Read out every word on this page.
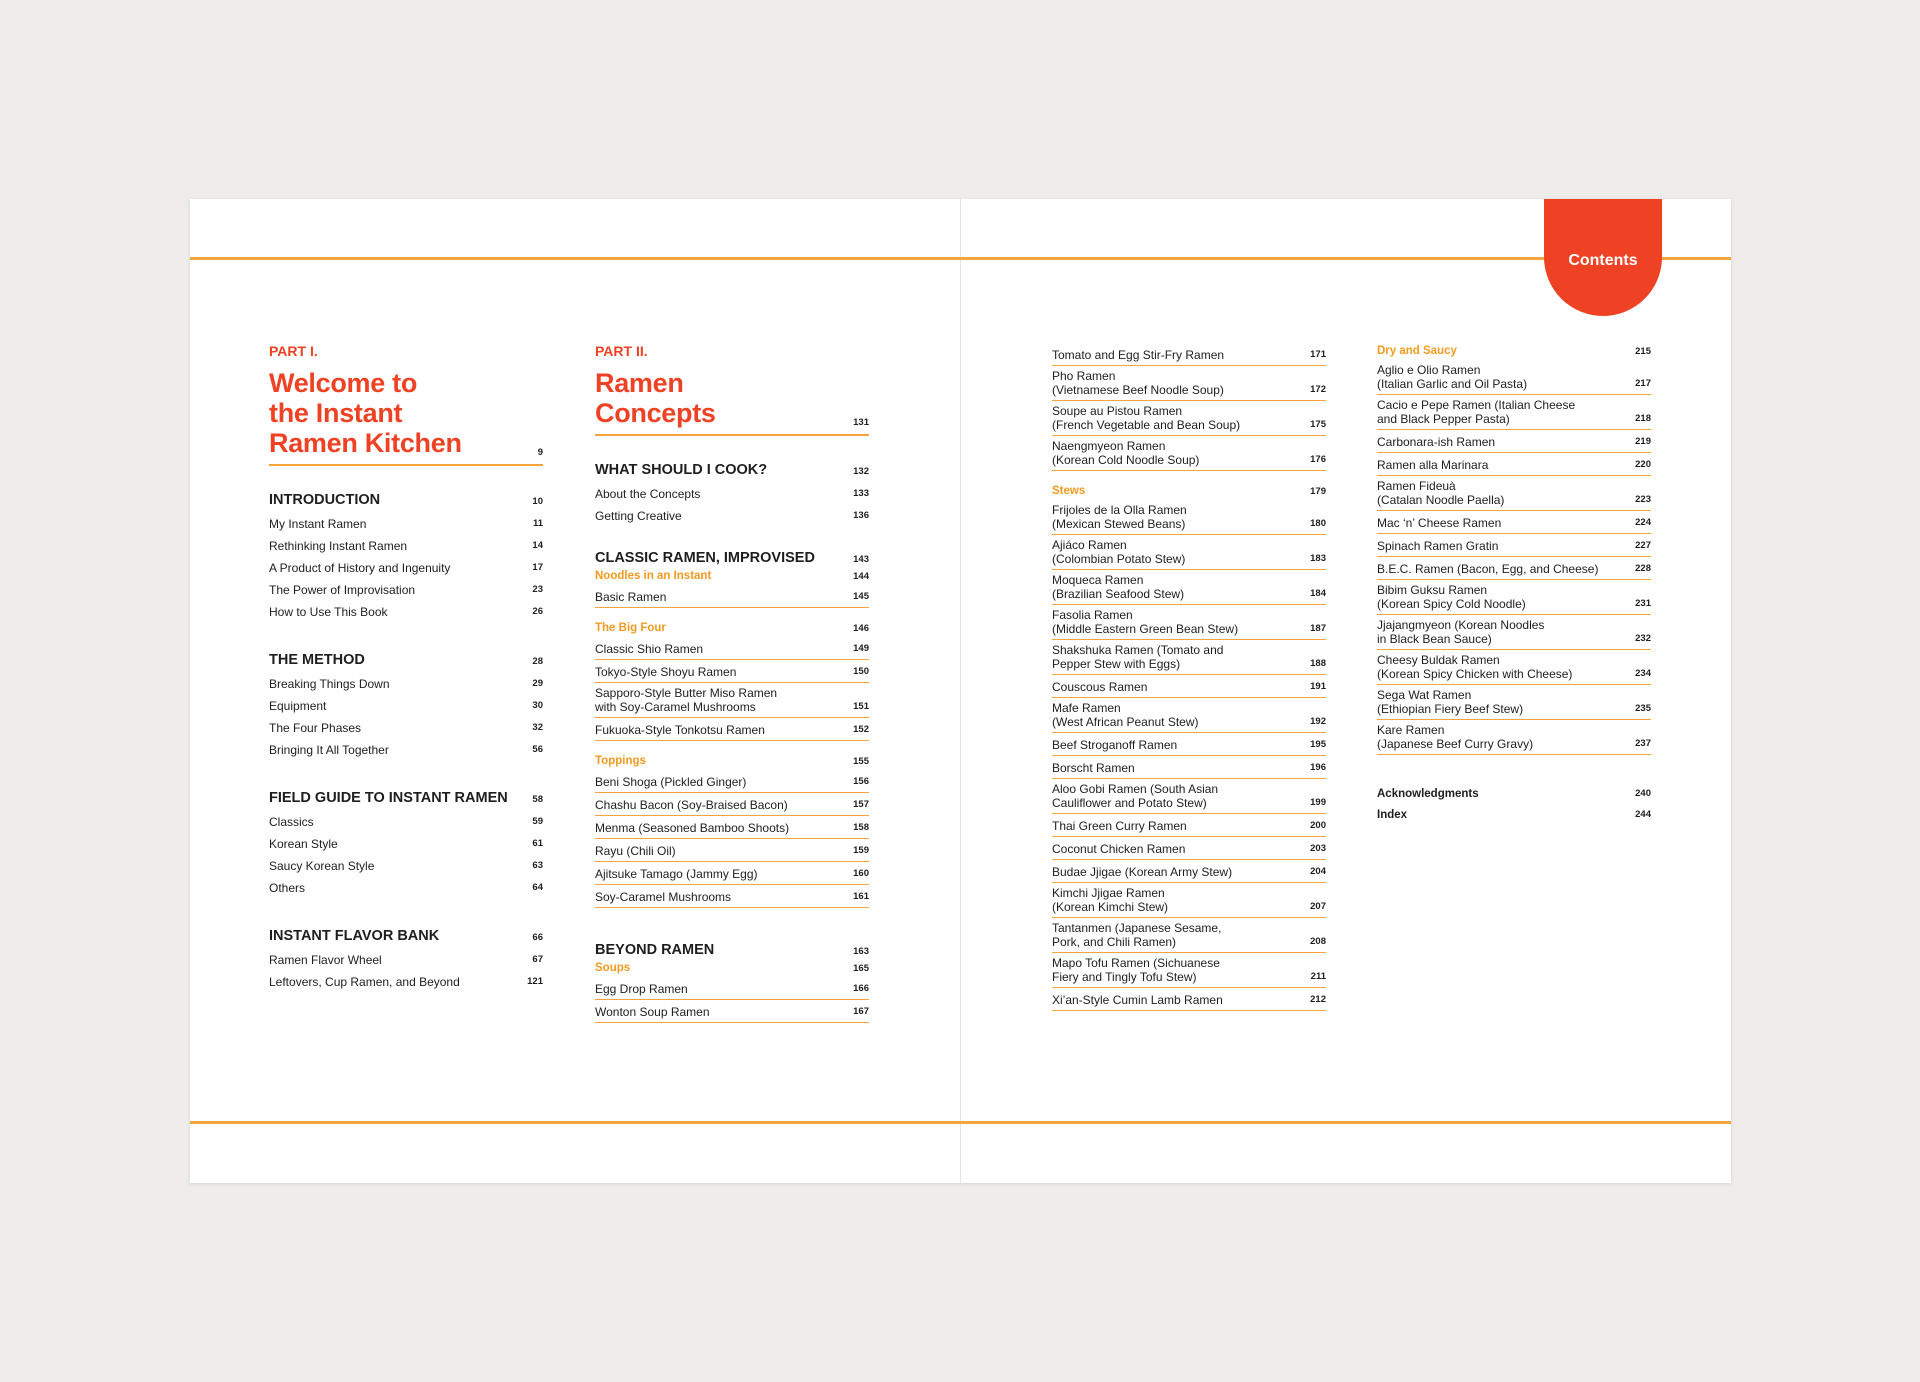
Contents
PART I.
Welcome to
the Instant
Ramen Kitchen	9
INTRODUCTION	10
My Instant Ramen	11
Rethinking Instant Ramen	14
A Product of History and Ingenuity	17
The Power of Improvisation	23
How to Use This Book	26
THE METHOD	28
Breaking Things Down	29
Equipment	30
The Four Phases	32
Bringing It All Together	56
FIELD GUIDE TO INSTANT RAMEN	58
Classics	59
Korean Style	61
Saucy Korean Style	63
Others	64
INSTANT FLAVOR BANK	66
Ramen Flavor Wheel	67
Leftovers, Cup Ramen, and Beyond	121
PART II.
Ramen
Concepts	131
WHAT SHOULD I COOK?	132
About the Concepts	133
Getting Creative	136
CLASSIC RAMEN, IMPROVISED	143
Noodles in an Instant	144
Basic Ramen	145
The Big Four	146
Classic Shio Ramen	149
Tokyo-Style Shoyu Ramen	150
Sapporo-Style Butter Miso Ramen
with Soy-Caramel Mushrooms	151
Fukuoka-Style Tonkotsu Ramen	152
Toppings	155
Beni Shoga (Pickled Ginger)	156
Chashu Bacon (Soy-Braised Bacon)	157
Menma (Seasoned Bamboo Shoots)	158
Rayu (Chili Oil)	159
Ajitsuke Tamago (Jammy Egg)	160
Soy-Caramel Mushrooms	161
BEYOND RAMEN	163
Soups	165
Egg Drop Ramen	166
Wonton Soup Ramen	167
Tomato and Egg Stir-Fry Ramen	171
Pho Ramen
(Vietnamese Beef Noodle Soup)	172
Soupe au Pistou Ramen
(French Vegetable and Bean Soup)	175
Naengmyeon Ramen
(Korean Cold Noodle Soup)	176
Stews	179
Frijoles de la Olla Ramen
(Mexican Stewed Beans)	180
Ajiáco Ramen
(Colombian Potato Stew)	183
Moqueca Ramen
(Brazilian Seafood Stew)	184
Fasolia Ramen
(Middle Eastern Green Bean Stew)	187
Shakshuka Ramen (Tomato and
Pepper Stew with Eggs)	188
Couscous Ramen	191
Mafe Ramen
(West African Peanut Stew)	192
Beef Stroganoff Ramen	195
Borscht Ramen	196
Aloo Gobi Ramen (South Asian
Cauliflower and Potato Stew)	199
Thai Green Curry Ramen	200
Coconut Chicken Ramen	203
Budae Jjigae (Korean Army Stew)	204
Kimchi Jjigae Ramen
(Korean Kimchi Stew)	207
Tantanmen (Japanese Sesame,
Pork, and Chili Ramen)	208
Mapo Tofu Ramen (Sichuanese
Fiery and Tingly Tofu Stew)	211
Xi’an-Style Cumin Lamb Ramen	212
Dry and Saucy	215
Aglio e Olio Ramen
(Italian Garlic and Oil Pasta)	217
Cacio e Pepe Ramen (Italian Cheese
and Black Pepper Pasta)	218
Carbonara-ish Ramen	219
Ramen alla Marinara	220
Ramen Fideuà
(Catalan Noodle Paella)	223
Mac ‘n’ Cheese Ramen	224
Spinach Ramen Gratin	227
B.E.C. Ramen (Bacon, Egg, and Cheese)	228
Bibim Guksu Ramen
(Korean Spicy Cold Noodle)	231
Jjajangmyeon (Korean Noodles
in Black Bean Sauce)	232
Cheesy Buldak Ramen
(Korean Spicy Chicken with Cheese)	234
Sega Wat Ramen
(Ethiopian Fiery Beef Stew)	235
Kare Ramen
(Japanese Beef Curry Gravy)	237
Acknowledgments	240
Index	244
